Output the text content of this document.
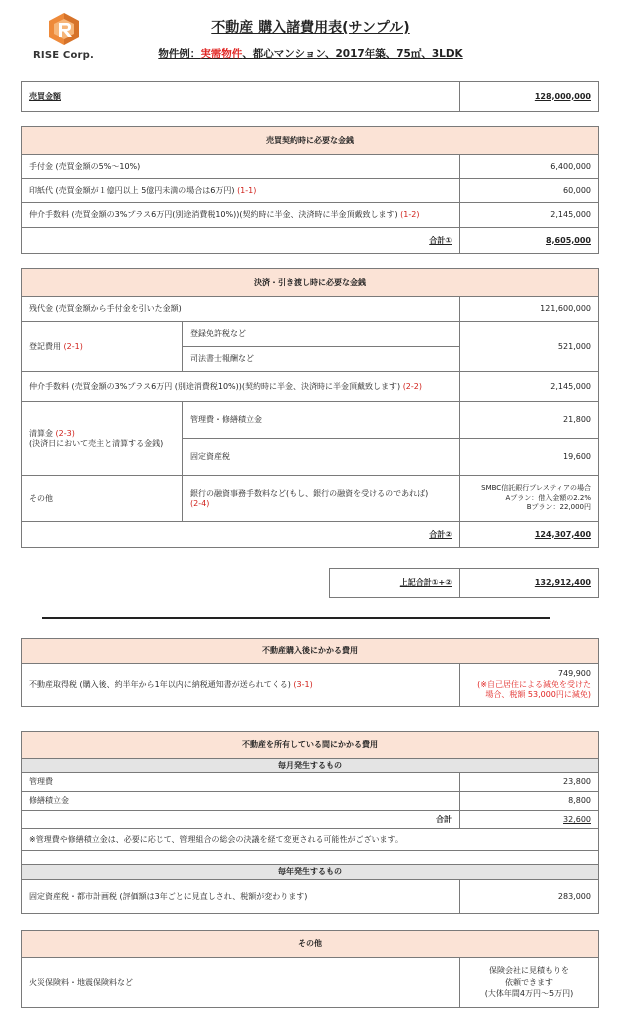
RISE Corp.
不動産 購入諸費用表(サンプル)
物件例：実需物件、都心マンション、2017年築、75㎡、3LDK
売買金額	128,000,000
売買契約時に必要な金銭	
手付金 (売買金額の5%～10%)	6,400,000
印紙代 (売買金額が１億円以上 5億円未満の場合は6万円) (1-1)	60,000
仲介手数料 (売買金額の3%プラス6万円(別途消費税10%))(契約時に半金、決済時に半金頂戴致します) (1-2)	2,145,000
合計①	8,605,000
決済・引き渡し時に必要な金銭		
残代金 (売買金額から手付金を引いた金額)		121,600,000
登記費用 (2-1)	登録免許税など	521,000
	司法書士報酬など	
仲介手数料 (売買金額の3%プラス6万円 (別途消費税10%))(契約時に半金、決済時に半金頂戴致します) (2-2)		2,145,000
清算金 (2-3)
(決済日において売主と清算する金銭)	管理費・修繕積立金	21,800
	固定資産税	19,600
その他	銀行の融資事務手数料など(もし、銀行の融資を受けるのであれば)
(2-4)	SMBC信託銀行プレスティアの場合
Aプラン：借入金額の2.2%
Bプラン：22,000円
合計②		124,307,400
上記合計①+②	132,912,400
不動産購入後にかかる費用
不動産取得税 (購入後、約半年から1年以内に納税通知書が送られてくる) (3-1)	749,900
(※自己居住による減免を受けた
場合、税額 53,000円に減免)
不動産を所有している間にかかる費用	
毎月発生するもの	
管理費	23,800
修繕積立金	8,800
合計	32,600
※管理費や修繕積立金は、必要に応じて、管理組合の総会の決議を経て変更される可能性がございます。	

毎年発生するもの	
固定資産税・都市計画税 (評価額は3年ごとに見直しされ、税額が変わります)	283,000
その他
火災保険料・地震保険料など	保険会社に見積もりを
依頼できます
(大体年間4万円～5万円)
